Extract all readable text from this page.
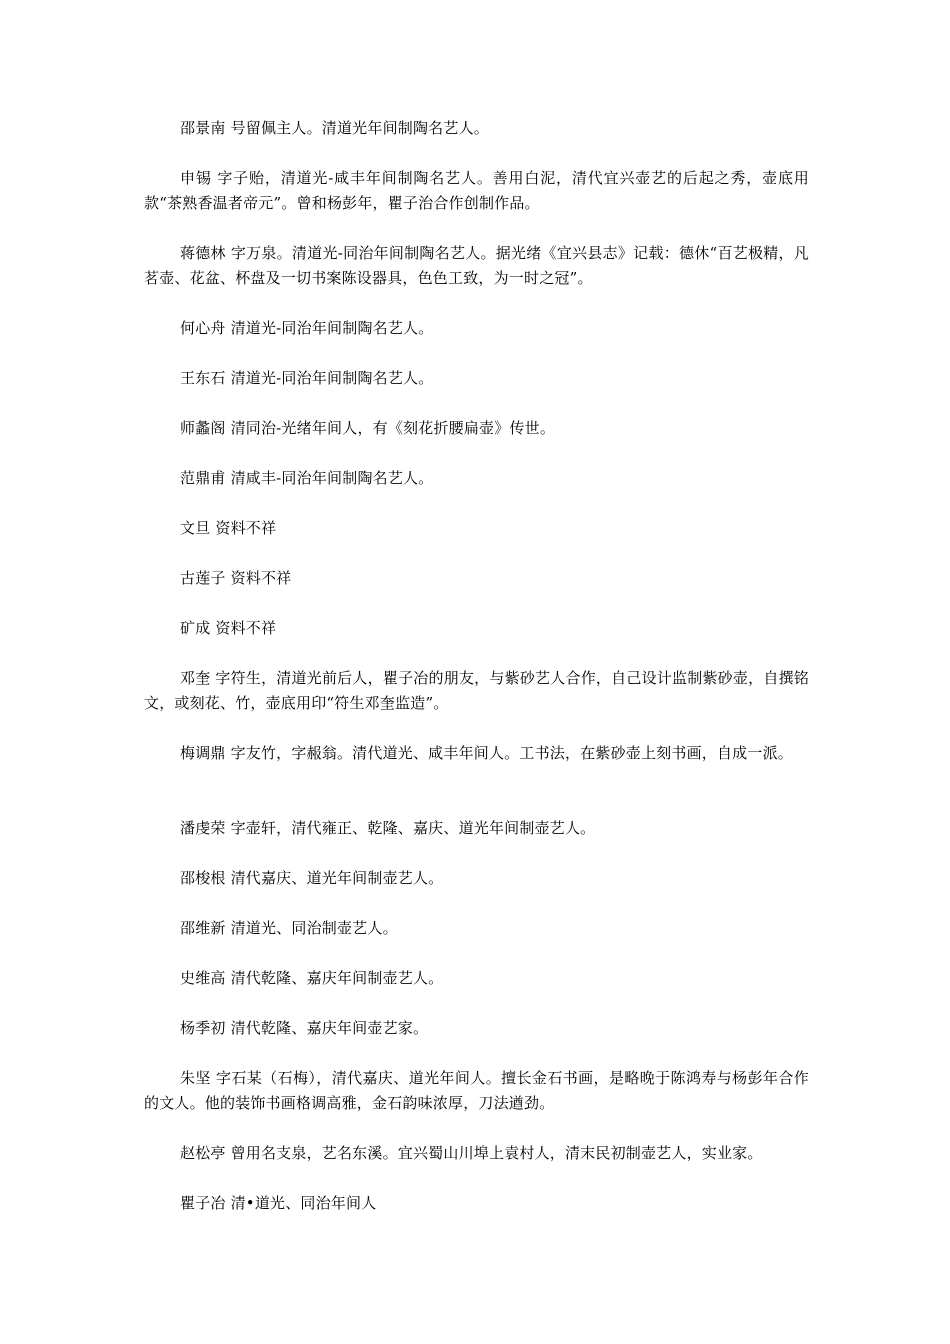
邵景南 号留佩主人。清道光年间制陶名艺人。

申锡 字子贻，清道光-咸丰年间制陶名艺人。善用白泥，清代宜兴壶艺的后起之秀，壶底用款“茶熟香温者帝元”。曾和杨彭年，瞿子治合作创制作品。

蒋德林 字万泉。清道光-同治年间制陶名艺人。据光绪《宜兴县志》记载：德休“百艺极精，凡茗壶、花盆、杯盘及一切书案陈设器具，色色工致，为一时之冠”。

何心舟 清道光-同治年间制陶名艺人。

王东石 清道光-同治年间制陶名艺人。

师蠡阁 清同治-光绪年间人，有《刻花折腰扁壶》传世。

范鼎甫 清咸丰-同治年间制陶名艺人。

文旦 资料不祥

古莲子 资料不祥

矿成 资料不祥

邓奎 字符生，清道光前后人，瞿子冶的朋友，与紫砂艺人合作，自己设计监制紫砂壶，自撰铭文，或刻花、竹，壶底用印“符生邓奎监造”。

梅调鼎 字友竹，字赧翁。清代道光、咸丰年间人。工书法，在紫砂壶上刻书画，自成一派。

潘虔荣 字壶轩，清代雍正、乾隆、嘉庆、道光年间制壶艺人。

邵梭根 清代嘉庆、道光年间制壶艺人。

邵维新 清道光、同治制壶艺人。

史维高 清代乾隆、嘉庆年间制壶艺人。

杨季初 清代乾隆、嘉庆年间壶艺家。

朱坚 字石某（石梅），清代嘉庆、道光年间人。擅长金石书画，是略晚于陈鸿寿与杨彭年合作的文人。他的装饰书画格调高雅，金石韵味浓厚，刀法遒劲。

赵松亭 曾用名支泉，艺名东溪。宜兴蜀山川埠上袁村人，清末民初制壶艺人，实业家。

瞿子冶 清•道光、同治年间人
